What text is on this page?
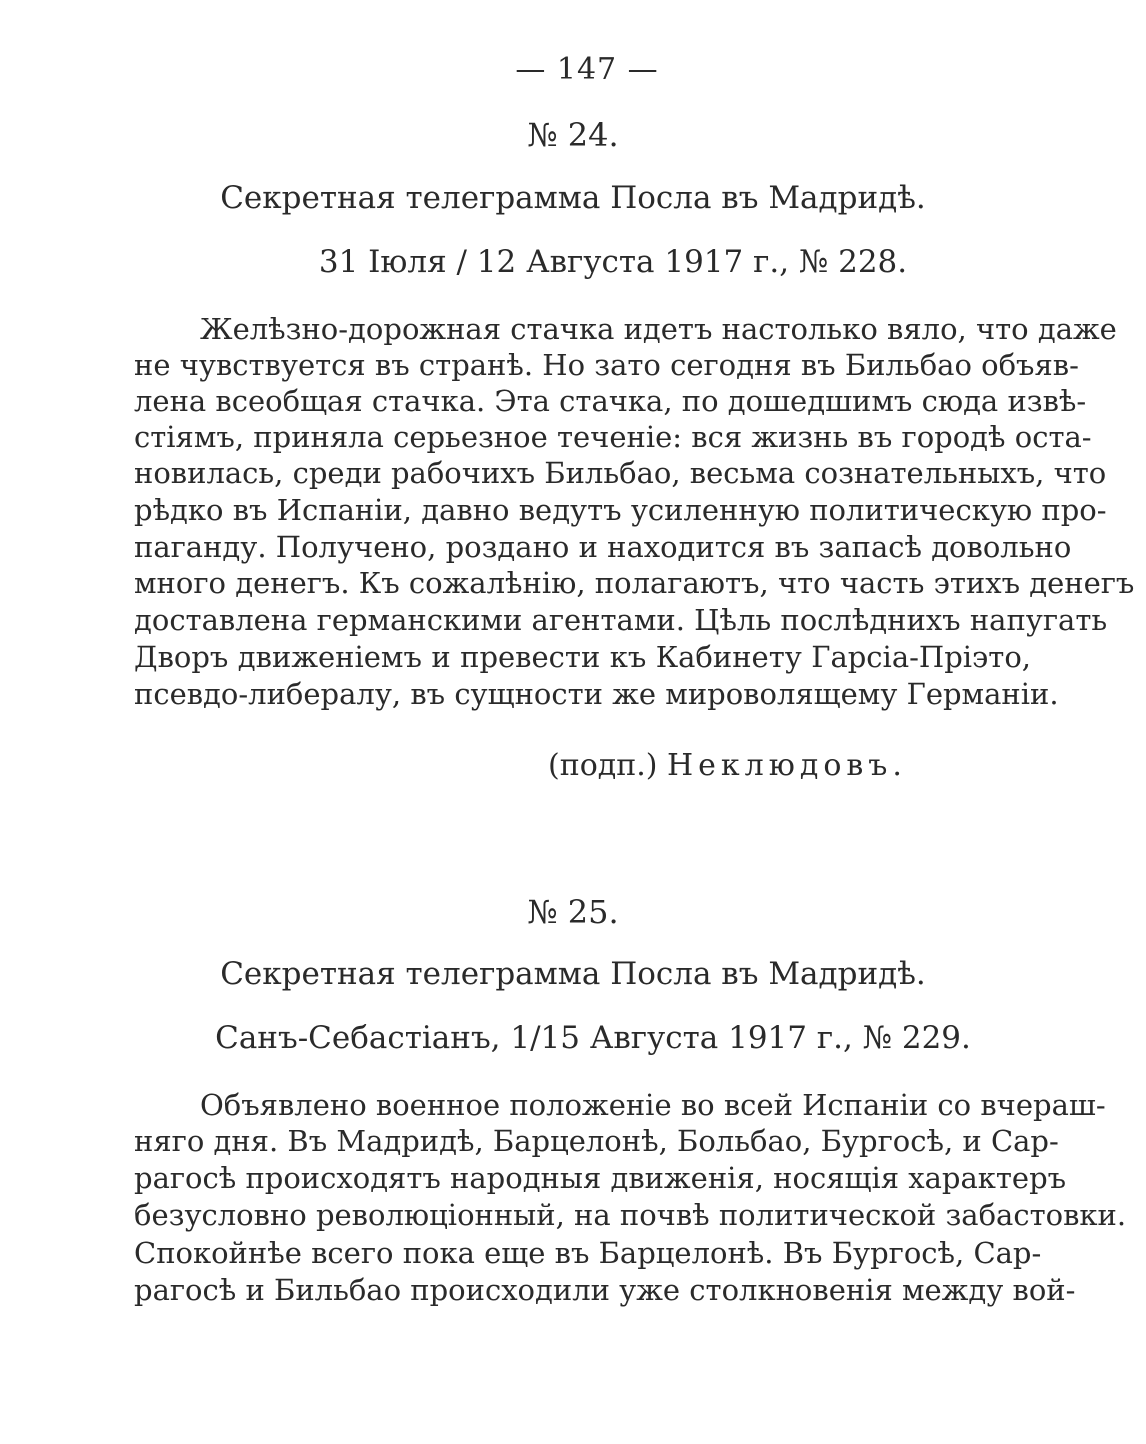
— 147 —
№ 24.
Секретная телеграмма Посла въ Мадридѣ.
31 Іюля / 12 Августа 1917 г., № 228.
Желѣзно-дорожная стачка идетъ настолько вяло, что даже
не чувствуется въ странѣ. Но зато сегодня въ Бильбао объяв-
лена всеобщая стачка. Эта стачка, по дошедшимъ сюда извѣ-
стіямъ, приняла серьезное теченіе: вся жизнь въ городѣ оста-
новилась, среди рабочихъ Бильбао, весьма сознательныхъ, что
рѣдко въ Испаніи, давно ведутъ усиленную политическую про-
паганду. Получено, роздано и находится въ запасѣ довольно
много денегъ. Къ сожалѣнію, полагаютъ, что часть этихъ денегъ
доставлена германскими агентами. Цѣль послѣднихъ напугать
Дворъ движеніемъ и превести къ Кабинету Гарсіа-Пріэто,
псевдо-либералу, въ сущности же мироволящему Германіи.
(подп.) Неклюдовъ.
№ 25.
Секретная телеграмма Посла въ Мадридѣ.
Санъ-Себастіанъ, 1/15 Августа 1917 г., № 229.
Объявлено военное положеніе во всей Испаніи со вчераш-
няго дня. Въ Мадридѣ, Барцелонѣ, Больбао, Бургосѣ, и Сар-
рагосѣ происходятъ народныя движенія, носящія характеръ
безусловно революціонный, на почвѣ политической забастовки.
Спокойнѣе всего пока еще въ Барцелонѣ. Въ Бургосѣ, Сар-
рагосѣ и Бильбао происходили уже столкновенія между вой-
